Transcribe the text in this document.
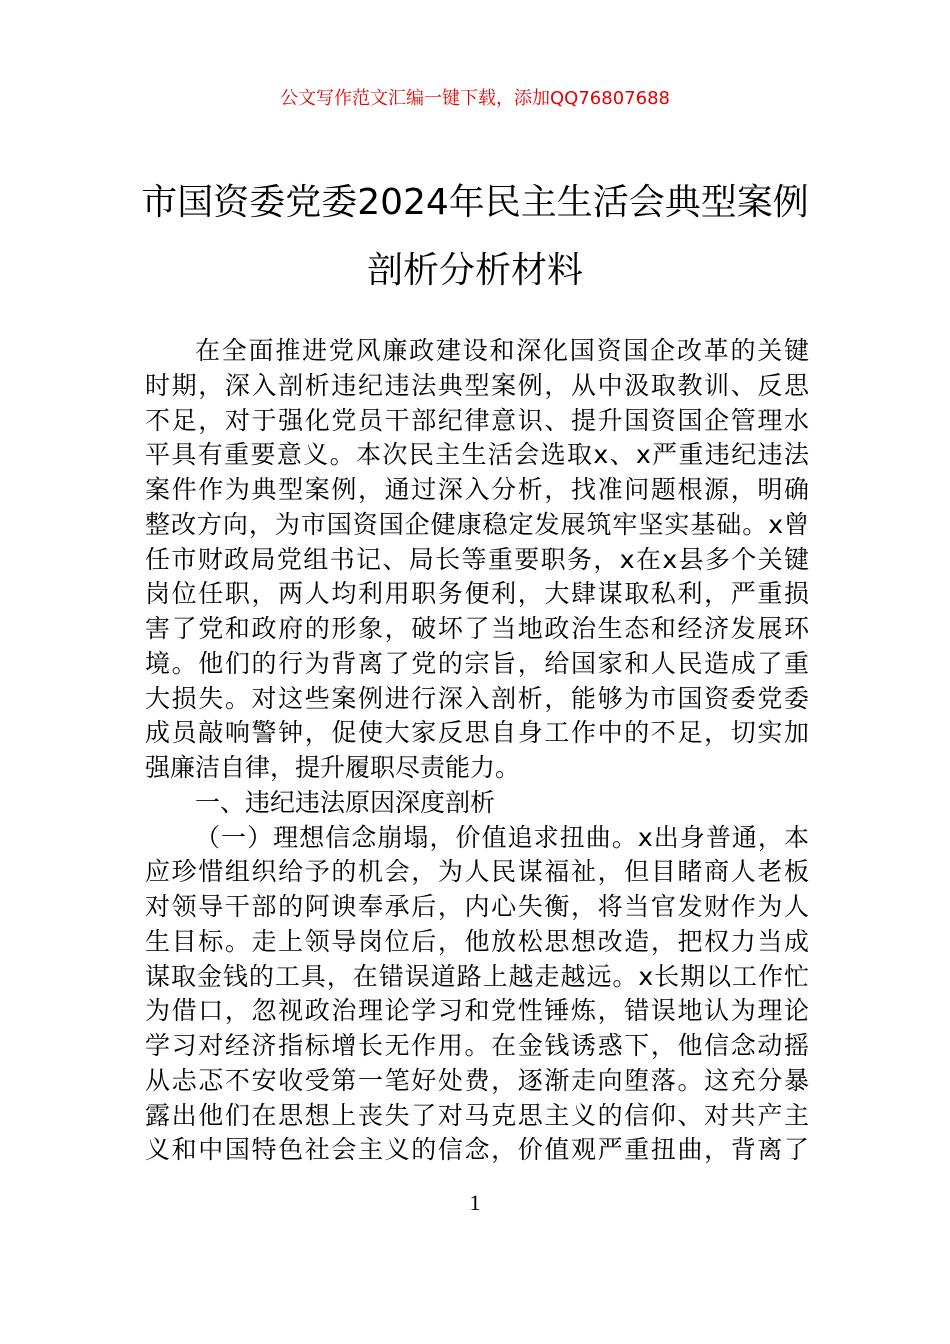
公文写作范文汇编一键下载，添加QQ76807688
市国资委党委2024年民主生活会典型案例
剖析分析材料
在全面推进党风廉政建设和深化国资国企改革的关键
时期，深入剖析违纪违法典型案例，从中汲取教训、反思
不足，对于强化党员干部纪律意识、提升国资国企管理水
平具有重要意义。本次民主生活会选取x、x严重违纪违法
案件作为典型案例，通过深入分析，找准问题根源，明确
整改方向，为市国资国企健康稳定发展筑牢坚实基础。x曾
任市财政局党组书记、局长等重要职务，x在x县多个关键
岗位任职，两人均利用职务便利，大肆谋取私利，严重损
害了党和政府的形象，破坏了当地政治生态和经济发展环
境。他们的行为背离了党的宗旨，给国家和人民造成了重
大损失。对这些案例进行深入剖析，能够为市国资委党委
成员敲响警钟，促使大家反思自身工作中的不足，切实加
强廉洁自律，提升履职尽责能力。
一、违纪违法原因深度剖析
（一）理想信念崩塌，价值追求扭曲。x出身普通，本
应珍惜组织给予的机会，为人民谋福祉，但目睹商人老板
对领导干部的阿谀奉承后，内心失衡，将当官发财作为人
生目标。走上领导岗位后，他放松思想改造，把权力当成
谋取金钱的工具，在错误道路上越走越远。x长期以工作忙
为借口，忽视政治理论学习和党性锤炼，错误地认为理论
学习对经济指标增长无作用。在金钱诱惑下，他信念动摇
从忐忑不安收受第一笔好处费，逐渐走向堕落。这充分暴
露出他们在思想上丧失了对马克思主义的信仰、对共产主
义和中国特色社会主义的信念，价值观严重扭曲，背离了
1
